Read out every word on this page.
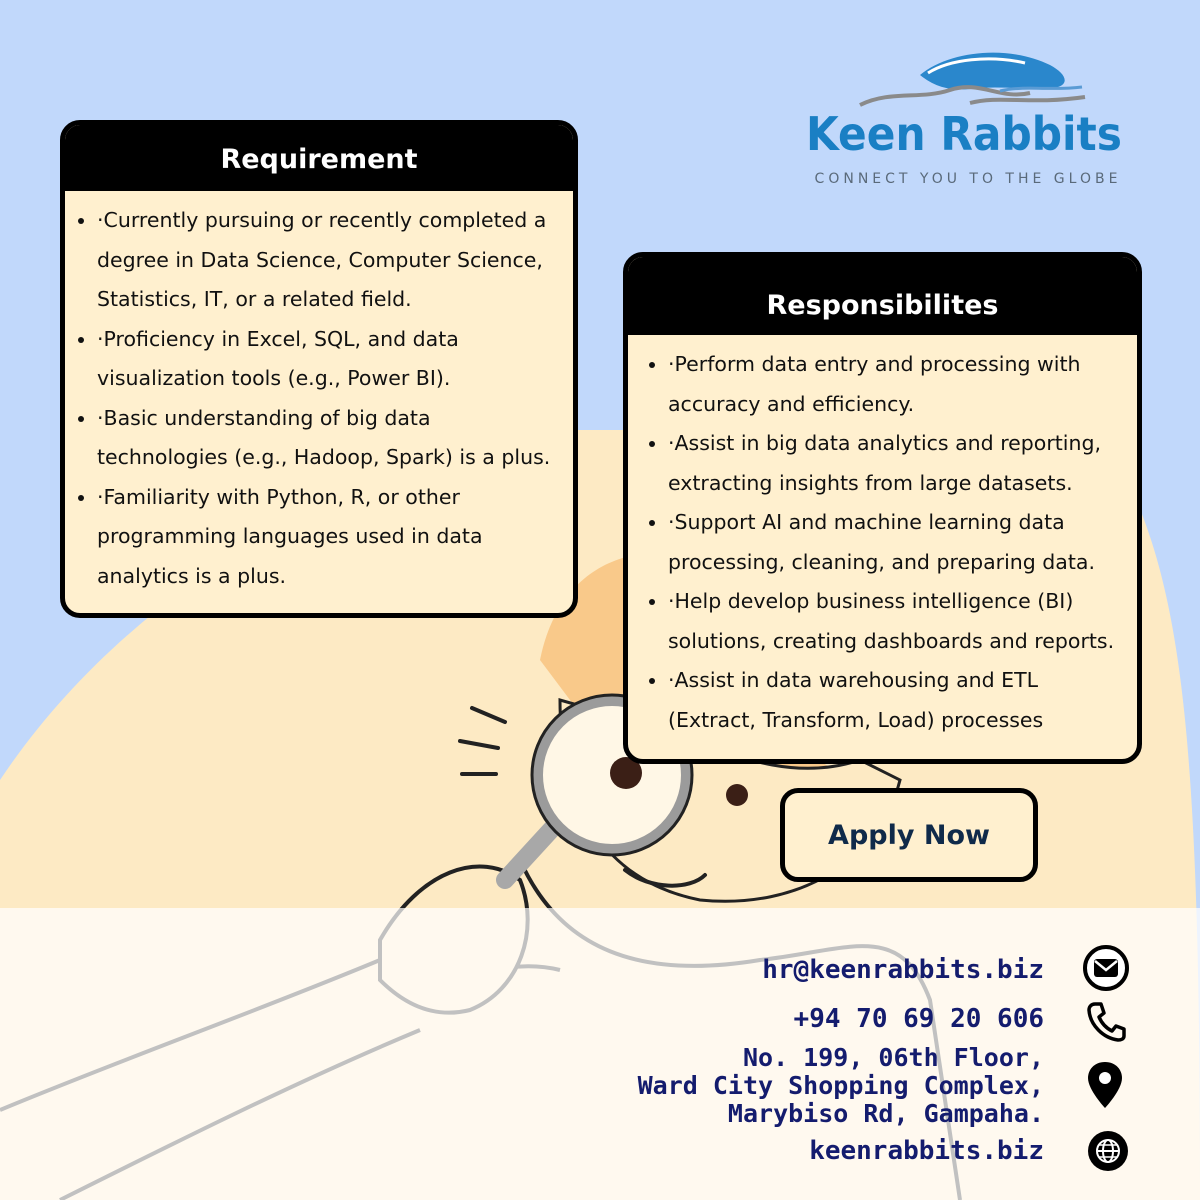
Keen Rabbits
CONNECT YOU TO THE GLOBE
Requirement
• ·Currently pursuing or recently completed a degree in Data Science, Computer Science, Statistics, IT, or a related field.
• ·Proficiency in Excel, SQL, and data visualization tools (e.g., Power BI).
• ·Basic understanding of big data technologies (e.g., Hadoop, Spark) is a plus.
• ·Familiarity with Python, R, or other programming languages used in data analytics is a plus.
Responsibilites
• ·Perform data entry and processing with accuracy and efficiency.
• ·Assist in big data analytics and reporting, extracting insights from large datasets.
• ·Support AI and machine learning data processing, cleaning, and preparing data.
• ·Help develop business intelligence (BI) solutions, creating dashboards and reports.
• ·Assist in data warehousing and ETL (Extract, Transform, Load) processes
Apply Now
hr@keenrabbits.biz
+94 70 69 20 606
No. 199, 06th Floor,
Ward City Shopping Complex,
Marybiso Rd, Gampaha.
keenrabbits.biz
